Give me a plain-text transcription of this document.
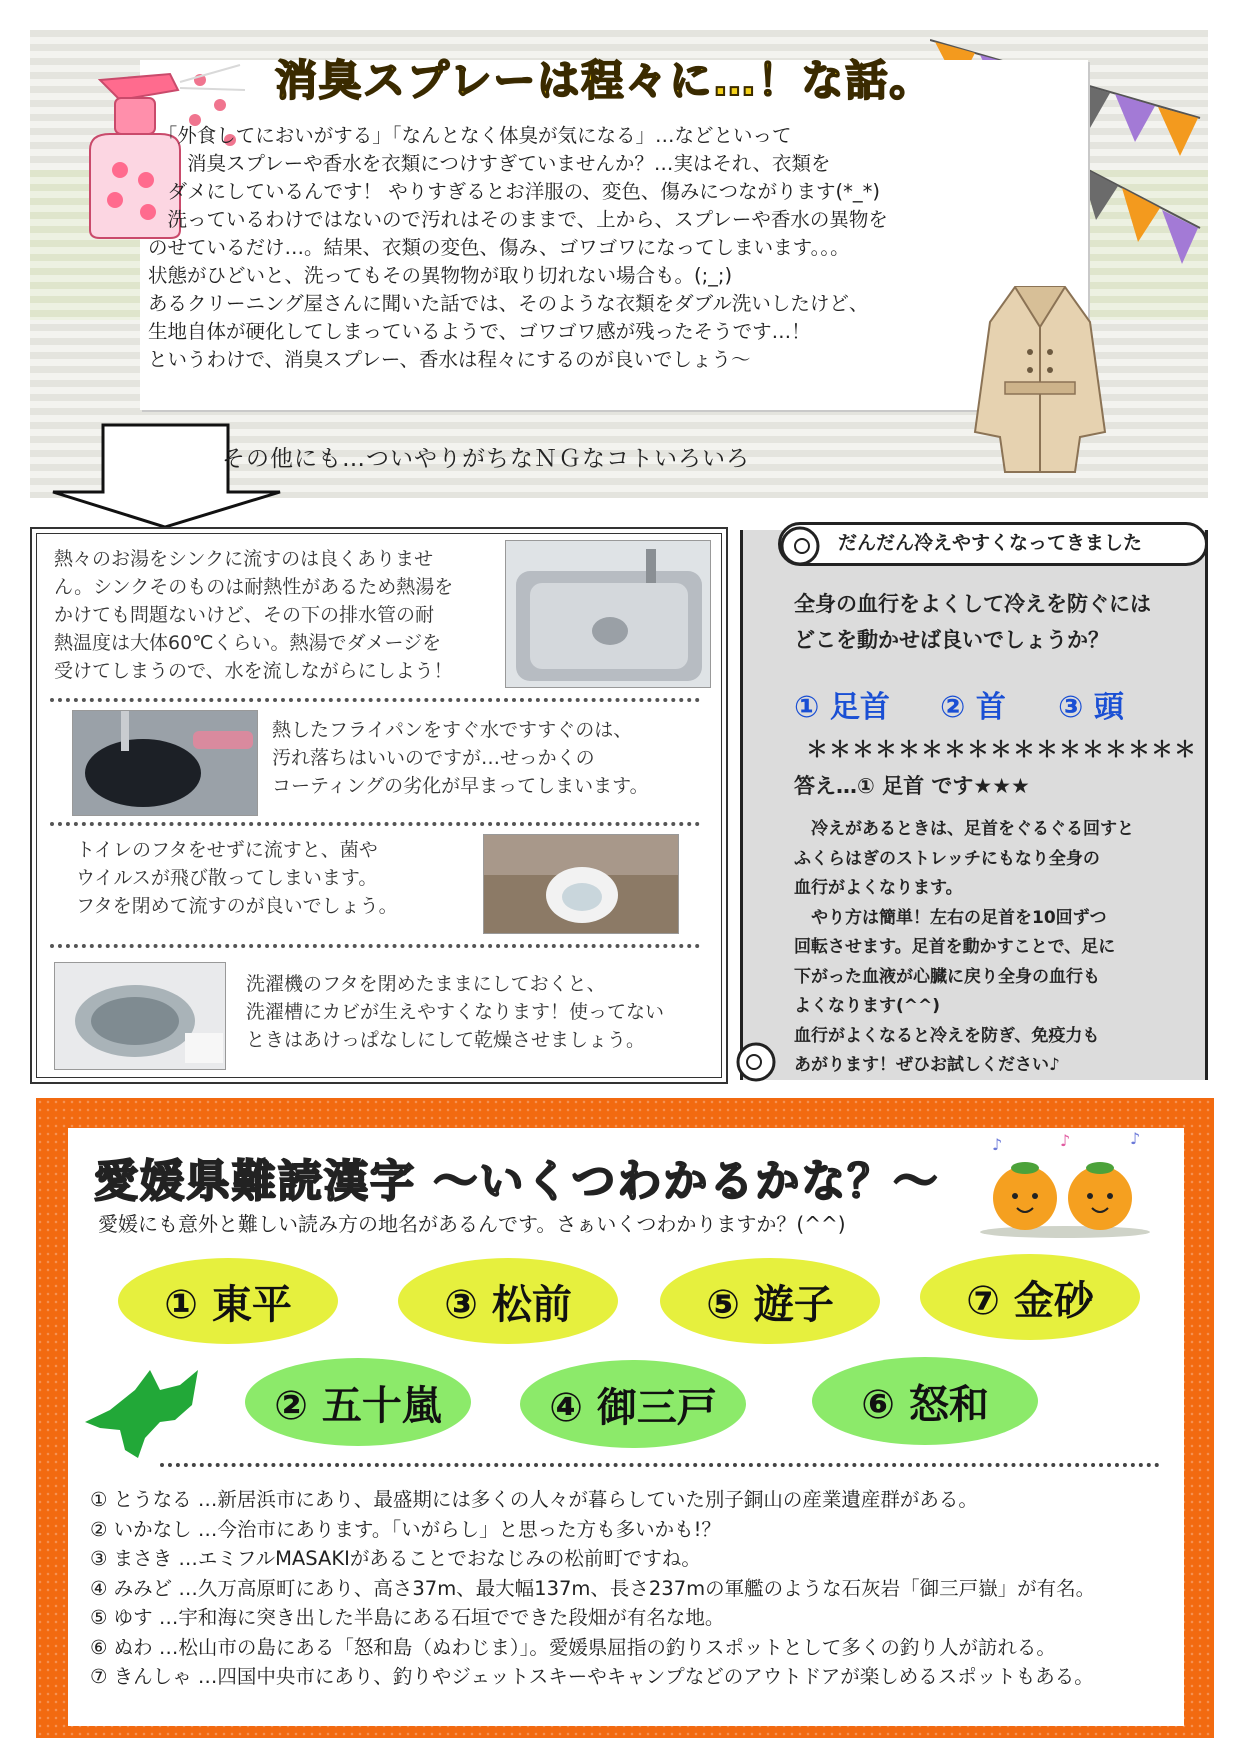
消臭スプレーは程々に…！な話。
　「外食してにおいがする」「なんとなく体臭が気になる」…などといって
　　消臭スプレーや香水を衣類につけすぎていませんか？…実はそれ、衣類を
　ダメにしているんです！ やりすぎるとお洋服の、変色、傷みにつながります(*_*)
　洗っているわけではないので汚れはそのままで、上から、スプレーや香水の異物を
のせているだけ…。結果、衣類の変色、傷み、ゴワゴワになってしまいます。。。
状態がひどいと、洗ってもその異物物が取り切れない場合も。(;_;)
あるクリーニング屋さんに聞いた話では、そのような衣類をダブル洗いしたけど、
生地自体が硬化してしまっているようで、ゴワゴワ感が残ったそうです…！
というわけで、消臭スプレー、香水は程々にするのが良いでしょう～
その他にも…ついやりがちなＮＧなコトいろいろ
熱々のお湯をシンクに流すのは良くありませ
ん。シンクそのものは耐熱性があるため熱湯を
かけても問題ないけど、その下の排水管の耐
熱温度は大体60℃くらい。熱湯でダメージを
受けてしまうので、水を流しながらにしよう！
熱したフライパンをすぐ水ですすぐのは、
汚れ落ちはいいのですが…せっかくの
コーティングの劣化が早まってしまいます。
トイレのフタをせずに流すと、菌や
ウイルスが飛び散ってしまいます。
フタを閉めて流すのが良いでしょう。
洗濯機のフタを閉めたままにしておくと、
洗濯槽にカビが生えやすくなります！使ってない
ときはあけっぱなしにして乾燥させましょう。
だんだん冷えやすくなってきました
全身の血行をよくして冷えを防ぐには
どこを動かせば良いでしょうか？
① 足首 ② 首 ③ 頭
＊＊＊＊＊＊＊＊＊＊＊＊＊＊＊＊＊
答え…① 足首 です★★★
　冷えがあるときは、足首をぐるぐる回すと
ふくらはぎのストレッチにもなり全身の
血行がよくなります。
　やり方は簡単！左右の足首を10回ずつ
回転させます。足首を動かすことで、足に
下がった血液が心臓に戻り全身の血行も
よくなります(^^)
血行がよくなると冷えを防ぎ、免疫力も
あがります！ぜひお試しください♪
愛媛県難読漢字 ～いくつわかるかな？～
愛媛にも意外と難しい読み方の地名があるんです。さぁいくつわかりますか？(^^)
♪	♪	♪
① 東平	③ 松前	⑤ 遊子	⑦ 金砂
② 五十嵐	④ 御三戸	⑥ 怒和
① とうなる …新居浜市にあり、最盛期には多くの人々が暮らしていた別子銅山の産業遺産群がある。
② いかなし …今治市にあります。「いがらし」と思った方も多いかも!？
③ まさき …エミフルMASAKIがあることでおなじみの松前町ですね。
④ みみど …久万高原町にあり、高さ37m、最大幅137m、長さ237mの軍艦のような石灰岩「御三戸嶽」が有名。
⑤ ゆす …宇和海に突き出した半島にある石垣でできた段畑が有名な地。
⑥ ぬわ …松山市の島にある「怒和島（ぬわじま）」。愛媛県屈指の釣りスポットとして多くの釣り人が訪れる。
⑦ きんしゃ …四国中央市にあり、釣りやジェットスキーやキャンプなどのアウトドアが楽しめるスポットもある。
